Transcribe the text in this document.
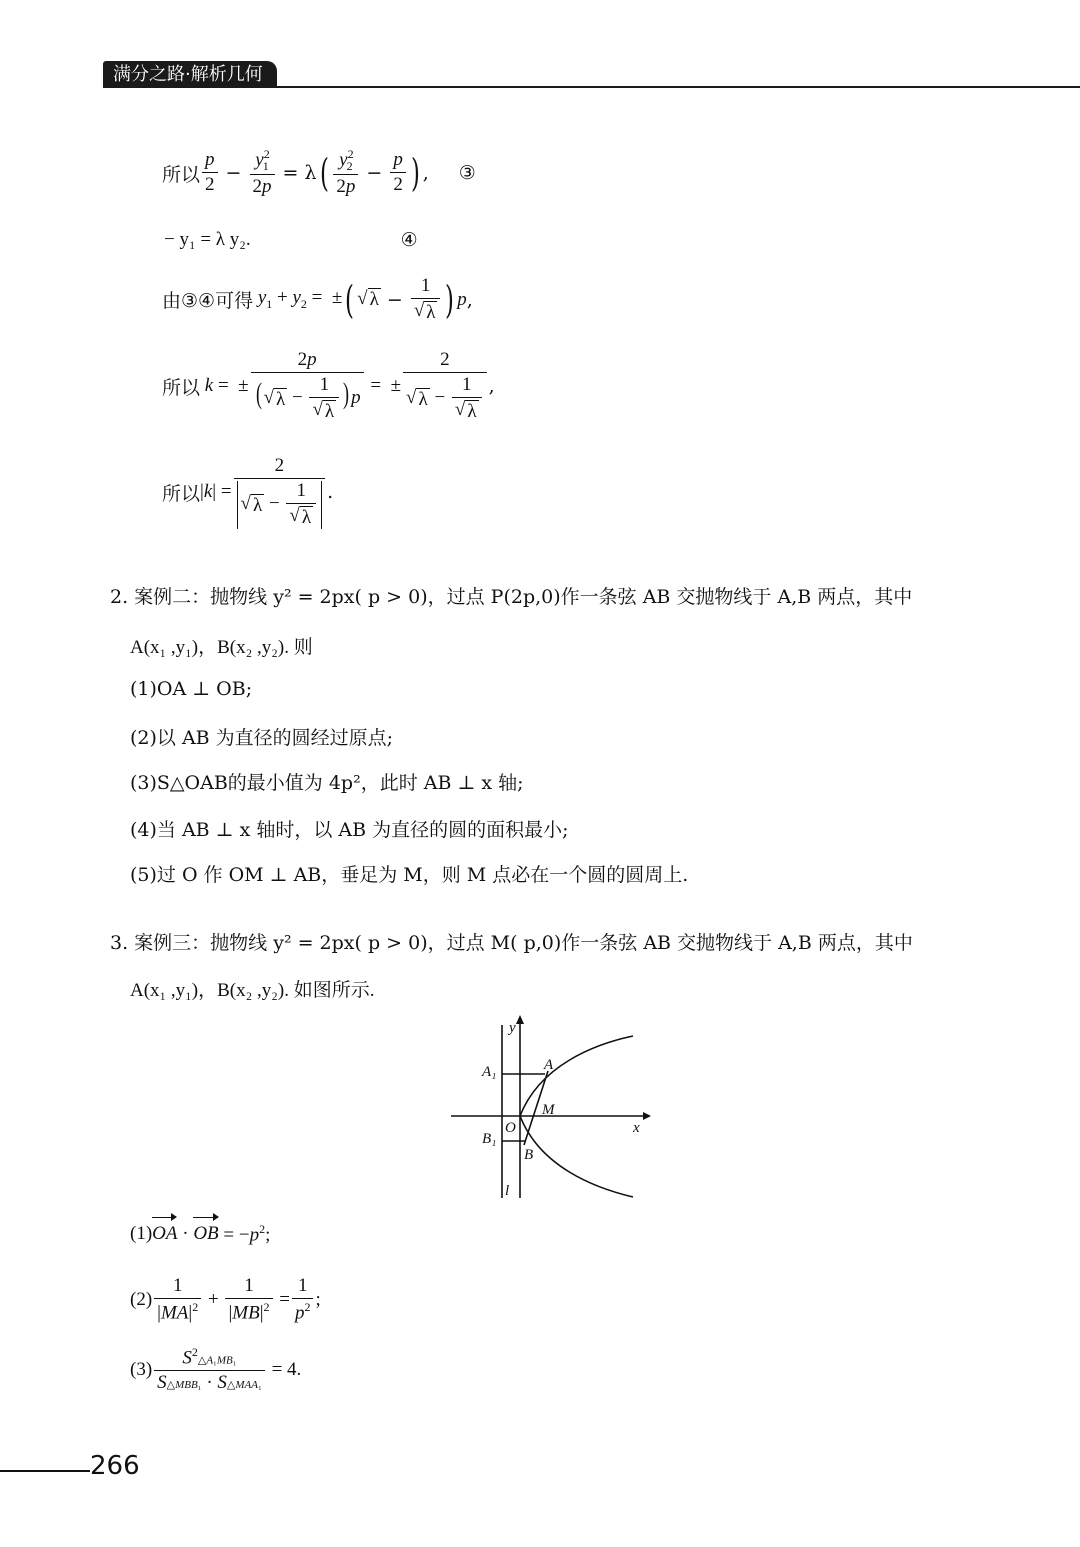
满分之路·解析几何
所以 $\frac{p}{2} - \frac{y^2_1}{2p} = \lambda$ ( $\frac{y^2_2}{2p} - \frac{p}{2}$ ) , ③
− y₁ = λ y₂.	④
由③④可得 $y_1 + y_2$ =  ± ( √ $\lambda - \frac{1}{√ \lambda}$ ) p ,
所以 k =  ± $\frac{2p}{( √ \lambda - \frac{1}{√ \lambda} ) p}$ =  ± $\frac{2}{√ \lambda - \frac{1}{√ \lambda}}$ ,
所以 $|k| = \frac{2}{√ \lambda - \frac{1}{√ \lambda}}$ .
2. 案例二：抛物线 y² = 2px( p > 0)，过点 P(2p,0)作一条弦 AB 交抛物线于 A,B 两点，其中
A(x₁ ,y₁)，B(x₂ ,y₂). 则
(1)OA ⊥ OB;
(2)以 AB 为直径的圆经过原点;
(3)S△OAB的最小值为 4p²，此时 AB ⊥ x 轴;
(4)当 AB ⊥ x 轴时，以 AB 为直径的圆的面积最小;
(5)过 O 作 OM ⊥ AB，垂足为 M，则 M 点必在一个圆的圆周上.
3. 案例三：抛物线 y² = 2px( p > 0)，过点 M( p,0)作一条弦 AB 交抛物线于 A,B 两点，其中
A(x₁ ,y₁)，B(x₂ ,y₂). 如图所示.
y
x
A
A₁
M
O
B₁
B
l
(1) OA · OB = $-p^2$;
$(2) \frac{1}{|MA|^2} + \frac{1}{|MB|^2} = \frac{1}{p^2}$ ;
$(3) \frac{S^2\triangle A_1MB_1}{\text{S△MBB₁ · S△MAA₁}} = 4$.
266
